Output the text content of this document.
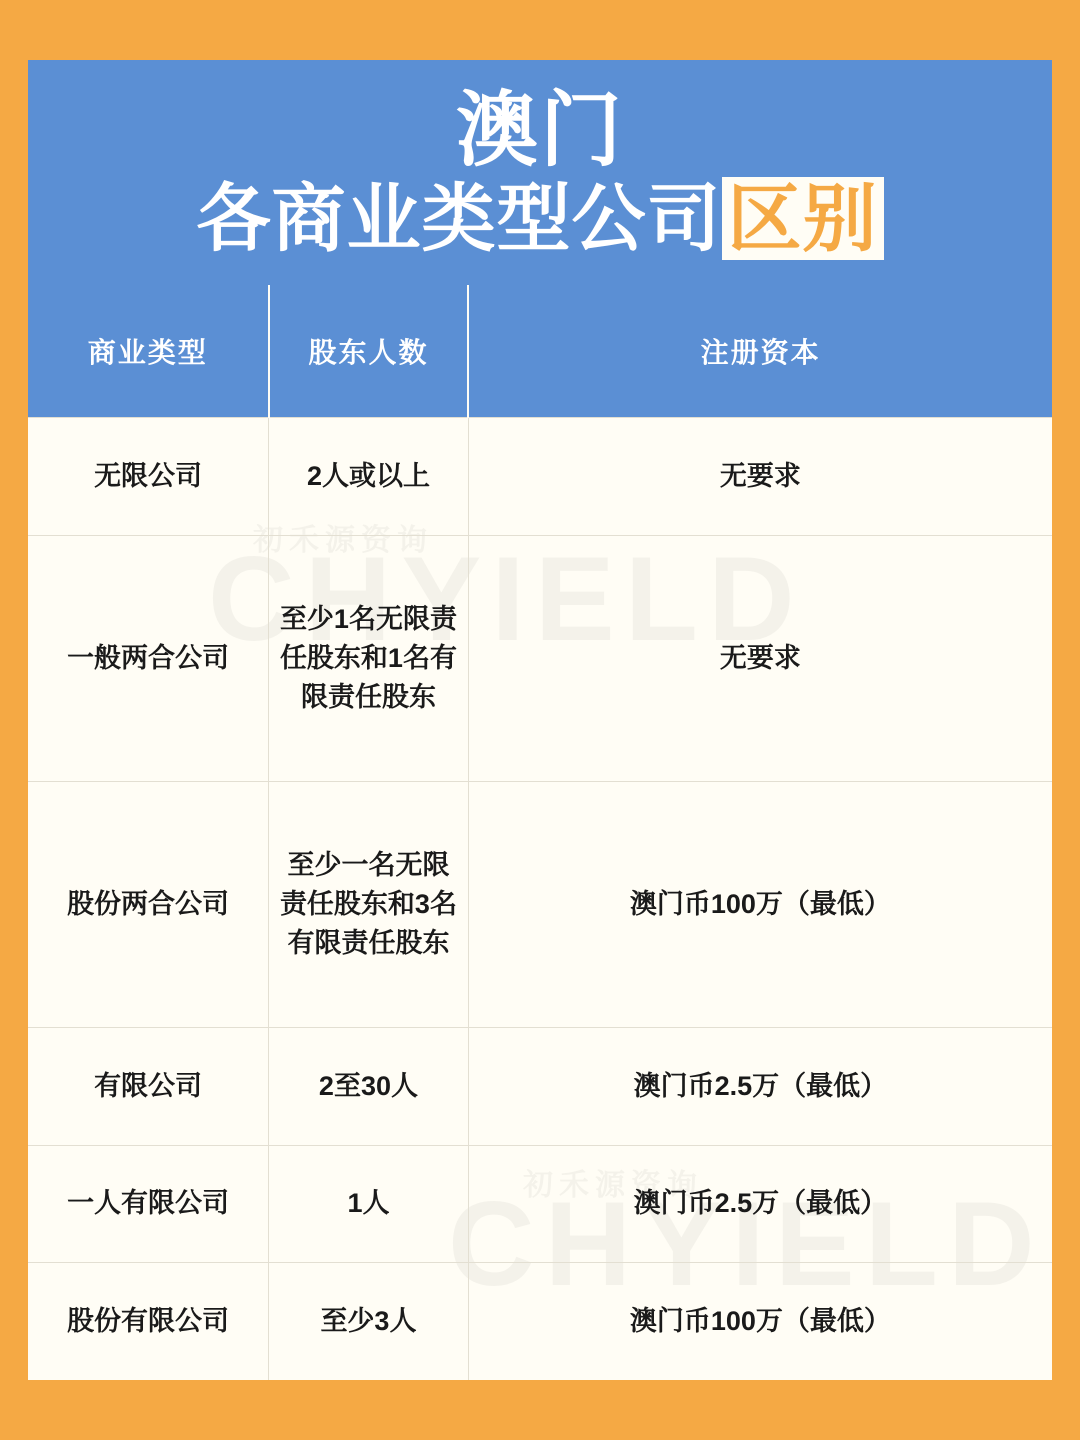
澳门
各商业类型公司区别
商业类型	股东人数	注册资本
无限公司	2人或以上	无要求
一般两合公司	至少1名无限责任股东和1名有限责任股东	无要求
股份两合公司	至少一名无限责任股东和3名有限责任股东	澳门币100万（最低）
有限公司	2至30人	澳门币2.5万（最低）
一人有限公司	1人	澳门币2.5万（最低）
股份有限公司	至少3人	澳门币100万（最低）
